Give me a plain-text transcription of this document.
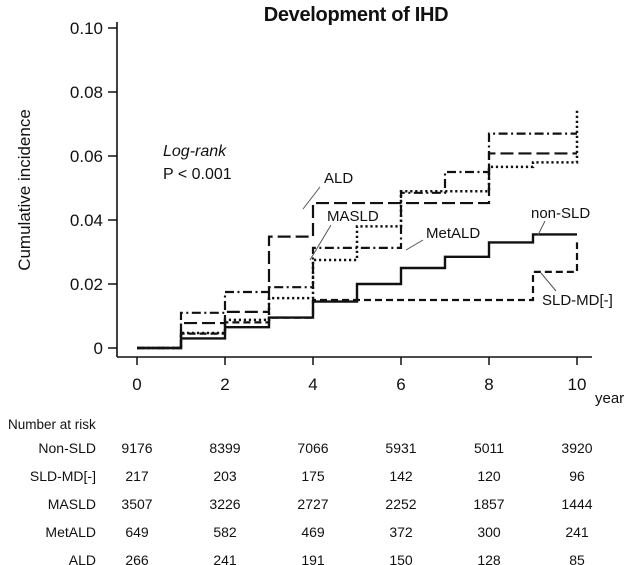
Development of IHD
Cumulative incidence	Log-rank
P < 0.001
year
0
0.02
0.04
0.06
0.08
0.10
0	2	4	6	8	10
ALD
MASLD
MetALD
non-SLD
SLD-MD[-]
Number at risk
Non-SLD 9176	8399	7066	5931	5011	3920
SLD-MD[-] 217	203	175	142	120	96
MASLD 3507	3226	2727	2252	1857	1444
MetALD 649	582	469	372	300	241
ALD 266	241	191	150	128	85
